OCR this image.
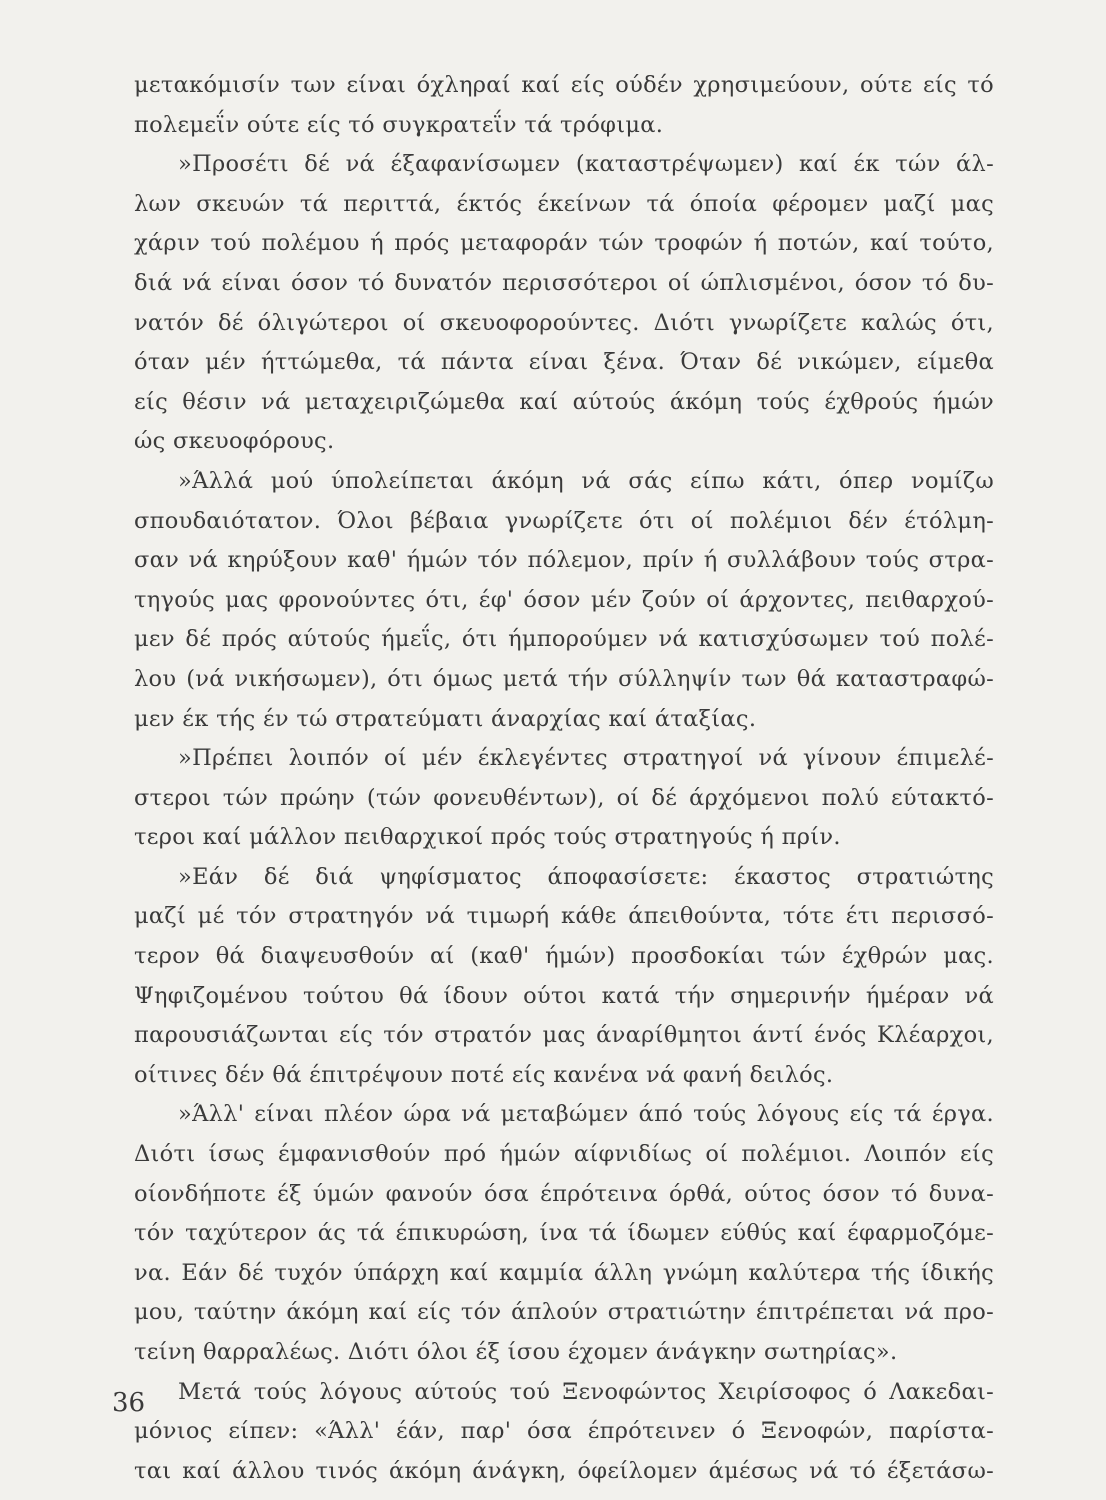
μετακόμισίν των είναι όχληραί καί είς ούδέν χρησιμεύουν, ούτε είς τό
πολεμεΐν ούτε είς τό συγκρατεΐν τά τρόφιμα.
»Προσέτι δέ νά έξαφανίσωμεν (καταστρέψωμεν) καί έκ τών άλ-
λων σκευών τά περιττά, έκτός έκείνων τά όποία φέρομεν μαζί μας
χάριν τού πολέμου ή πρός μεταφοράν τών τροφών ή ποτών, καί τούτο,
διά νά είναι όσον τό δυνατόν περισσότεροι οί ώπλισμένοι, όσον τό δυ-
νατόν δέ όλιγώτεροι οί σκευοφορούντες. Διότι γνωρίζετε καλώς ότι,
όταν μέν ήττώμεθα, τά πάντα είναι ξένα. Όταν δέ νικώμεν, είμεθα
είς θέσιν νά μεταχειριζώμεθα καί αύτούς άκόμη τούς έχθρούς ήμών
ώς σκευοφόρους.
»Άλλά μού ύπολείπεται άκόμη νά σάς είπω κάτι, όπερ νομίζω
σπουδαιότατον. Όλοι βέβαια γνωρίζετε ότι οί πολέμιοι δέν έτόλμη-
σαν νά κηρύξουν καθ' ήμών τόν πόλεμον, πρίν ή συλλάβουν τούς στρα-
τηγούς μας φρονούντες ότι, έφ' όσον μέν ζούν οί άρχοντες, πειθαρχού-
μεν δέ πρός αύτούς ήμεΐς, ότι ήμπορούμεν νά κατισχύσωμεν τού πολέ-
λου (νά νικήσωμεν), ότι όμως μετά τήν σύλληψίν των θά καταστραφώ-
μεν έκ τής έν τώ στρατεύματι άναρχίας καί άταξίας.
»Πρέπει λοιπόν οί μέν έκλεγέντες στρατηγοί νά γίνουν έπιμελέ-
στεροι τών πρώην (τών φονευθέντων), οί δέ άρχόμενοι πολύ εύτακτό-
τεροι καί μάλλον πειθαρχικοί πρός τούς στρατηγούς ή πρίν.
»Εάν δέ διά ψηφίσματος άποφασίσετε: έκαστος στρατιώτης
μαζί μέ τόν στρατηγόν νά τιμωρή κάθε άπειθούντα, τότε έτι περισσό-
τερον θά διαψευσθούν αί (καθ' ήμών) προσδοκίαι τών έχθρών μας.
Ψηφιζομένου τούτου θά ίδουν ούτοι κατά τήν σημερινήν ήμέραν νά
παρουσιάζωνται είς τόν στρατόν μας άναρίθμητοι άντί ένός Κλέαρχοι,
οίτινες δέν θά έπιτρέψουν ποτέ είς κανένα νά φανή δειλός.
»Άλλ' είναι πλέον ώρα νά μεταβώμεν άπό τούς λόγους είς τά έργα.
Διότι ίσως έμφανισθούν πρό ήμών αίφνιδίως οί πολέμιοι. Λοιπόν είς
οίονδήποτε έξ ύμών φανούν όσα έπρότεινα όρθά, ούτος όσον τό δυνα-
τόν ταχύτερον άς τά έπικυρώση, ίνα τά ίδωμεν εύθύς καί έφαρμοζόμε-
να. Εάν δέ τυχόν ύπάρχη καί καμμία άλλη γνώμη καλύτερα τής ίδικής
μου, ταύτην άκόμη καί είς τόν άπλούν στρατιώτην έπιτρέπεται νά προ-
τείνη θαρραλέως. Διότι όλοι έξ ίσου έχομεν άνάγκην σωτηρίας».
Μετά τούς λόγους αύτούς τού Ξενοφώντος Χειρίσοφος ό Λακεδαι-
μόνιος είπεν: «Άλλ' έάν, παρ' όσα έπρότεινεν ό Ξενοφών, παρίστα-
ται καί άλλου τινός άκόμη άνάγκη, όφείλομεν άμέσως νά τό έξετάσω-
36
